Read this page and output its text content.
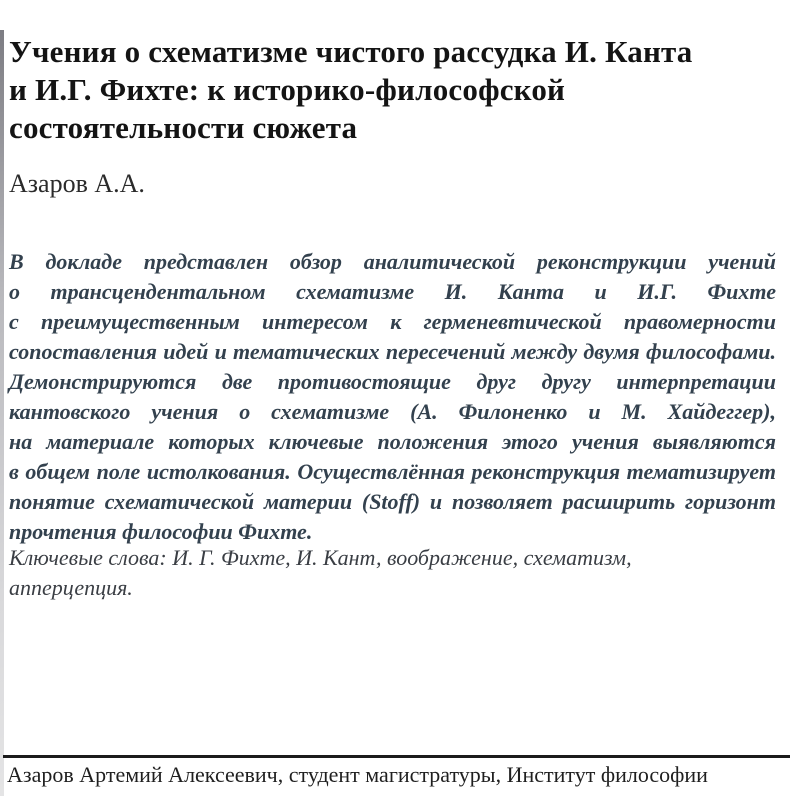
Учения о схематизме чистого рассудка И. Канта
и И.Г. Фихте: к историко-философской
состоятельности сюжета
Азаров А.А.
В докладе представлен обзор аналитической реконструкции учений
о трансцендентальном схематизме И. Канта и И.Г. Фихте
с преимущественным интересом к герменевтической правомерности
сопоставления идей и тематических пересечений между двумя философами.
Демонстрируются две противостоящие друг другу интерпретации
кантовского учения о схематизме (А. Филоненко и М. Хайдеггер),
на материале которых ключевые положения этого учения выявляются
в общем поле истолкования. Осуществлённая реконструкция тематизирует
понятие схематической материи (Stoff) и позволяет расширить горизонт
прочтения философии Фихте.
Ключевые слова: И. Г. Фихте, И. Кант, воображение, схематизм,
апперцепция.
Азаров Артемий Алексеевич, студент магистратуры, Институт философии
